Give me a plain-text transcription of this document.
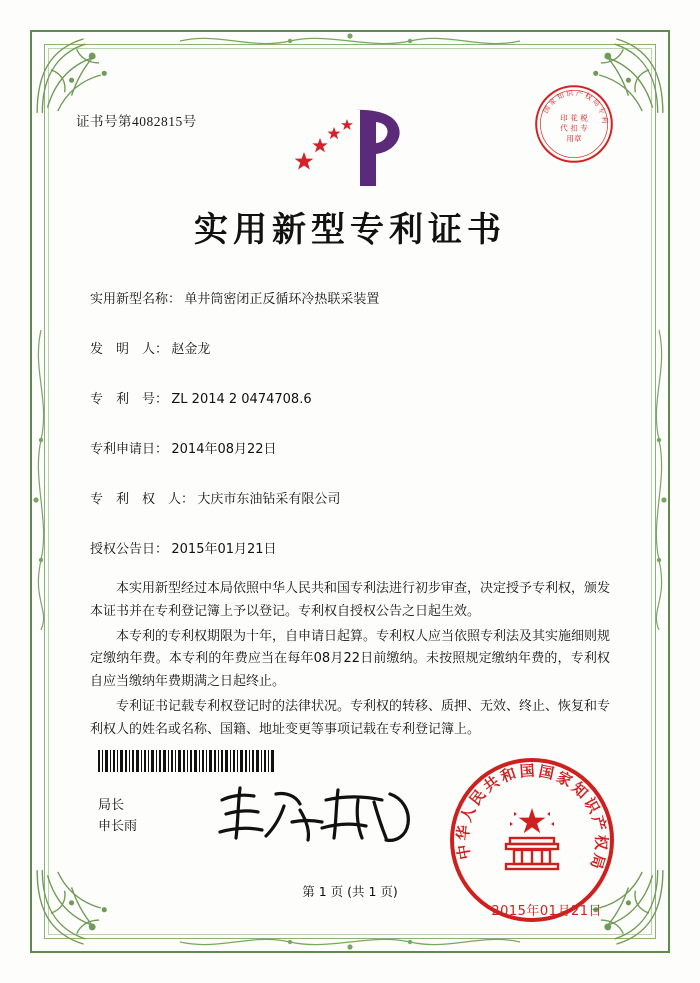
证书号第4082815号
国
家
知 识 产 权
局
专
利
印
代
花
扣
税
专
用章
实用新型专利证书
实用新型名称： 单井筒密闭正反循环冷热联采装置
发　明　人： 赵金龙
专　利　号： ZL 2014 2 0474708.6
专利申请日： 2014年08月22日
专　利　权　人： 大庆市东油钻采有限公司
授权公告日： 2015年01月21日

本实用新型经过本局依照中华人民共和国专利法进行初步审查，决定授予专利权，颁发本证书并在专利登记簿上予以登记。专利权自授权公告之日起生效。

本专利的专利权期限为十年，自申请日起算。专利权人应当依照专利法及其实施细则规定缴纳年费。本专利的年费应当在每年08月22日前缴纳。未按照规定缴纳年费的，专利权自应当缴纳年费期满之日起终止。

专利证书记载专利权登记时的法律状况。专利权的转移、质押、无效、终止、恢复和专利权人的姓名或名称、国籍、地址变更等事项记载在专利登记簿上。

局长
申长雨
中
华
人
民
共
和 国 国
家
知
识
产
权
局
2015年01月21日
第 1 页 (共 1 页)
